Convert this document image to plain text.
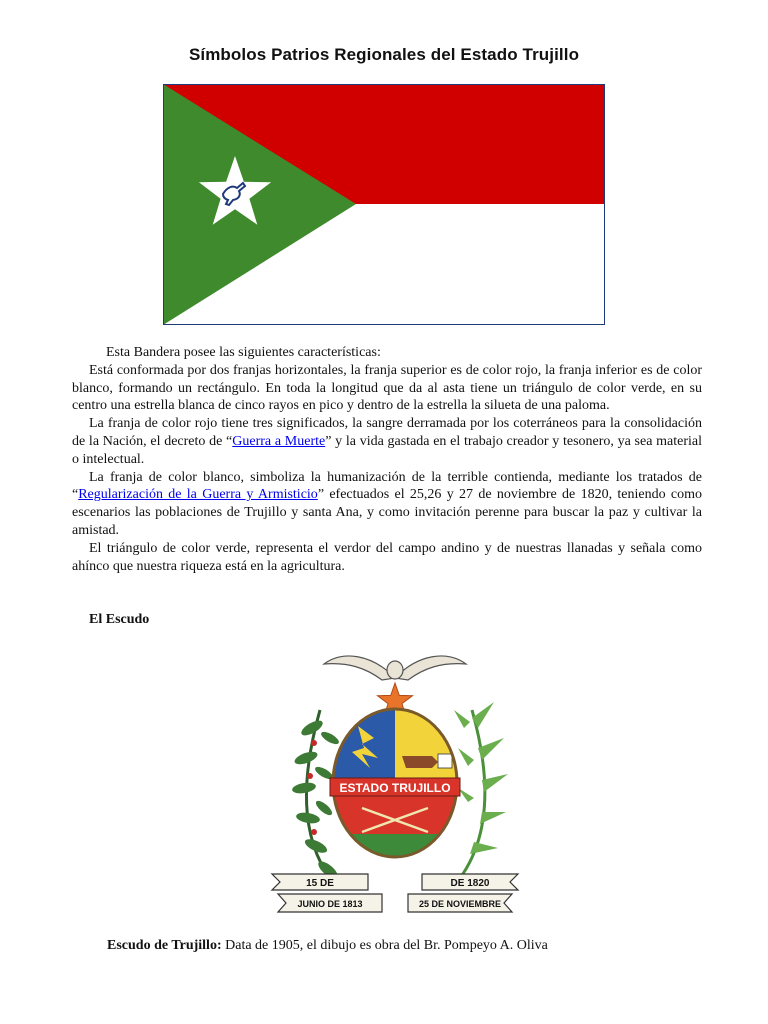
Símbolos Patrios Regionales del Estado Trujillo

Esta Bandera posee las siguientes características:

Está conformada por dos franjas horizontales, la franja superior es de color rojo, la franja inferior es de color blanco, formando un rectángulo. En toda la longitud que da al asta tiene un triángulo de color verde, en su centro una estrella blanca de cinco rayos en pico y dentro de la estrella la silueta de una paloma.

La franja de color rojo tiene tres significados, la sangre derramada por los coterráneos para la consolidación de la Nación, el decreto de “Guerra a Muerte” y la vida gastada en el trabajo creador y tesonero, ya sea material o intelectual.

La franja de color blanco, simboliza la humanización de la terrible contienda, mediante los tratados de “Regularización de la Guerra y Armisticio” efectuados el 25,26 y 27 de noviembre de 1820, teniendo como escenarios las poblaciones de Trujillo y santa Ana, y como invitación perenne para buscar la paz y cultivar la amistad.

El triángulo de color verde, representa el verdor del campo andino y de nuestras llanadas y señala como ahínco que nuestra riqueza está en la agricultura.

El Escudo
ESTADO TRUJILLO
15 DE	DE 1820
JUNIO DE 1813	25 DE NOVIEMBRE
Escudo de Trujillo: Data de 1905, el dibujo es obra del Br. Pompeyo A. Oliva
